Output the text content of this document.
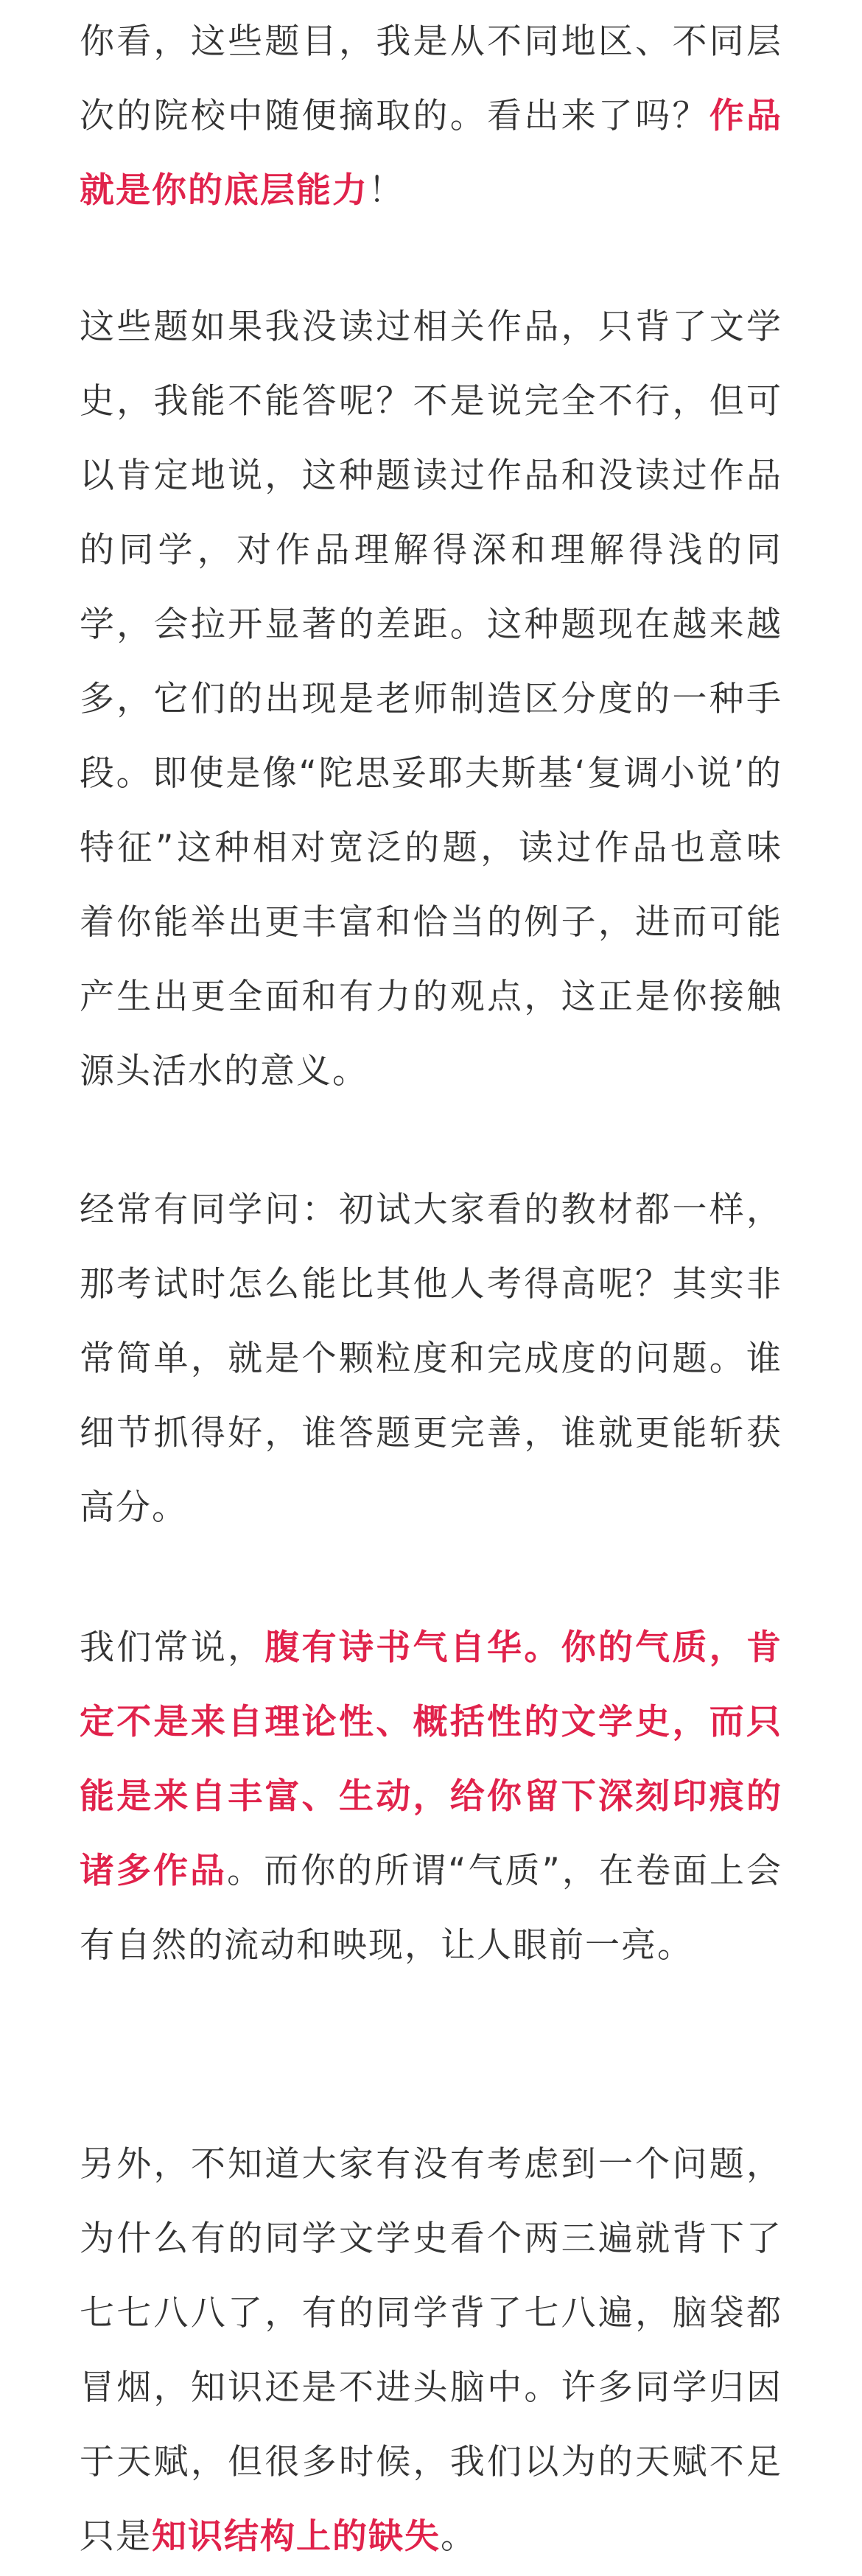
你看，这些题目，我是从不同地区、不同层次的院校中随便摘取的。看出来了吗？作品就是你的底层能力！

这些题如果我没读过相关作品，只背了文学史，我能不能答呢？不是说完全不行，但可以肯定地说，这种题读过作品和没读过作品的同学，对作品理解得深和理解得浅的同学，会拉开显著的差距。这种题现在越来越多，它们的出现是老师制造区分度的一种手段。即使是像“陀思妥耶夫斯基‘复调小说’的特征”这种相对宽泛的题，读过作品也意味着你能举出更丰富和恰当的例子，进而可能产生出更全面和有力的观点，这正是你接触源头活水的意义。

经常有同学问：初试大家看的教材都一样，那考试时怎么能比其他人考得高呢？其实非常简单，就是个颗粒度和完成度的问题。谁细节抓得好，谁答题更完善，谁就更能斩获高分。

我们常说，腹有诗书气自华。你的气质，肯定不是来自理论性、概括性的文学史，而只能是来自丰富、生动，给你留下深刻印痕的诸多作品。而你的所谓“气质”，在卷面上会有自然的流动和映现，让人眼前一亮。

另外，不知道大家有没有考虑到一个问题，为什么有的同学文学史看个两三遍就背下了七七八八了，有的同学背了七八遍，脑袋都冒烟，知识还是不进头脑中。许多同学归因于天赋，但很多时候，我们以为的天赋不足只是知识结构上的缺失。
